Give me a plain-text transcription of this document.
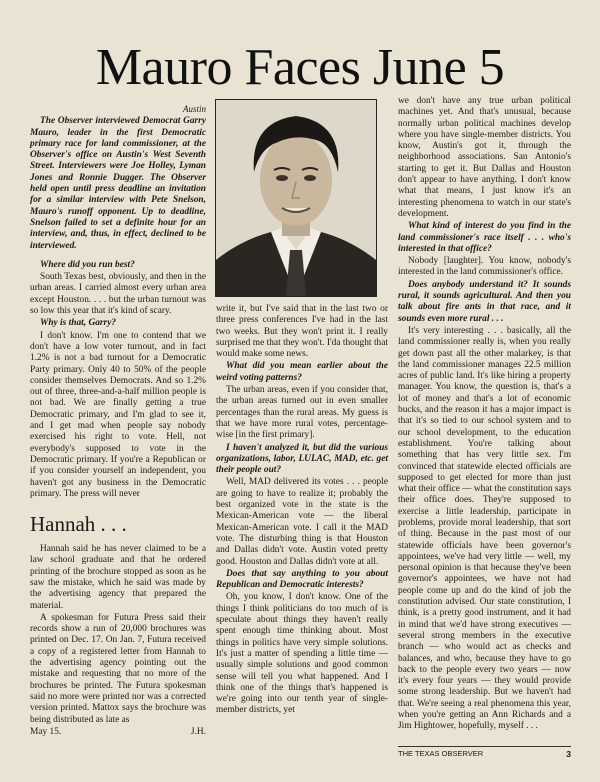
Mauro Faces June 5

Austin

The Observer interviewed Democrat Garry Mauro, leader in the first Democratic primary race for land commissioner, at the Observer's office on Austin's West Seventh Street. Interviewers were Joe Holley, Lyman Jones and Ronnie Dugger. The Observer held open until press deadline an invitation for a similar interview with Pete Snelson, Mauro's runoff opponent. Up to deadline, Snelson failed to set a definite hour for an interview, and, thus, in effect, declined to be interviewed.

Where did you run best?

South Texas best, obviously, and then in the urban areas. I carried almost every urban area except Houston. . . . but the urban turnout was so low this year that it's kind of scary.

Why is that, Garry?

I don't know. I'm one to contend that we don't have a low voter turnout, and in fact 1.2% is not a bad turnout for a Democratic Party primary. Only 40 to 50% of the people consider themselves Democrats. And so 1.2% out of three, three-and-a-half million people is not bad. We are finally getting a true Democratic primary, and I'm glad to see it, and I get mad when people say nobody exercised his right to vote. Hell, not everybody's supposed to vote in the Democratic primary. If you're a Republican or if you consider yourself an independent, you haven't got any business in the Democratic primary. The press will never

Hannah . . .

Hannah said he has never claimed to be a law school graduate and that he ordered printing of the brochure stopped as soon as he saw the mistake, which he said was made by the advertising agency that prepared the material.

A spokesman for Futura Press said their records show a run of 20,000 brochures was printed on Dec. 17. On Jan. 7, Futura received a copy of a registered letter from Hannah to the advertising agency pointing out the mistake and requesting that no more of the brochures be printed. The Futura spokesman said no more were printed nor was a corrected version printed. Mattox says the brochure was being distributed as late as

May 15.	J.H.

write it, but I've said that in the last two or three press conferences I've had in the last two weeks. But they won't print it. I really surprised me that they won't. I'da thought that would make some news.

What did you mean earlier about the weird voting patterns?

The urban areas, even if you consider that, the urban areas turned out in even smaller percentages than the rural areas. My guess is that we have more rural votes, percentage-wise [in the first primary].

I haven't analyzed it, but did the various organizations, labor, LULAC, MAD, etc. get their people out?

Well, MAD delivered its votes . . . people are going to have to realize it; probably the best organized vote in the state is the Mexican-American vote — the liberal Mexican-American vote. I call it the MAD vote. The disturbing thing is that Houston and Dallas didn't vote. Austin voted pretty good. Houston and Dallas didn't vote at all.

Does that say anything to you about Republican and Democratic interests?

Oh, you know, I don't know. One of the things I think politicians do too much of is speculate about things they haven't really spent enough time thinking about. Most things in politics have very simple solutions. It's just a matter of spending a little time — usually simple solutions and good common sense will tell you what happened. And I think one of the things that's happened is we're going into our tenth year of single-member districts, yet

we don't have any true urban political machines yet. And that's unusual, because normally urban political machines develop where you have single-member districts. You know, Austin's got it, through the neighborhood associations. San Antonio's starting to get it. But Dallas and Houston don't appear to have anything. I don't know what that means, I just know it's an interesting phenomena to watch in our state's development.

What kind of interest do you find in the land commissioner's race itself . . . who's interested in that office?

Nobody [laughter]. You know, nobody's interested in the land commissioner's office.

Does anybody understand it? It sounds rural, it sounds agricultural. And then you talk about fire ants in that race, and it sounds even more rural . . .

It's very interesting . . . basically, all the land commissioner really is, when you really get down past all the other malarkey, is that the land commissioner manages 22.5 million acres of public land. It's like hiring a property manager. You know, the question is, that's a lot of money and that's a lot of economic bucks, and the reason it has a major impact is that it's so tied to our school system and to our school development, to the education establishment. You're talking about something that has very little sex. I'm convinced that statewide elected officials are supposed to get elected for more than just what their office — what the constitution says their office does. They're supposed to exercise a little leadership, participate in problems, provide moral leadership, that sort of thing. Because in the past most of our statewide officials have been governor's appointees, we've had very little — well, my personal opinion is that because they've been governor's appointees, we have not had people come up and do the kind of job the constitution advised. Our state constitution, I think, is a pretty good instrument, and it had in mind that we'd have strong executives — several strong members in the executive branch — who would act as checks and balances, and who, because they have to go back to the people every two years — now it's every four years — they would provide some strong leadership. But we haven't had that. We're seeing a real phenomena this year, when you're getting an Ann Richards and a Jim Hightower, hopefully, myself . . .

THE TEXAS OBSERVER	3
